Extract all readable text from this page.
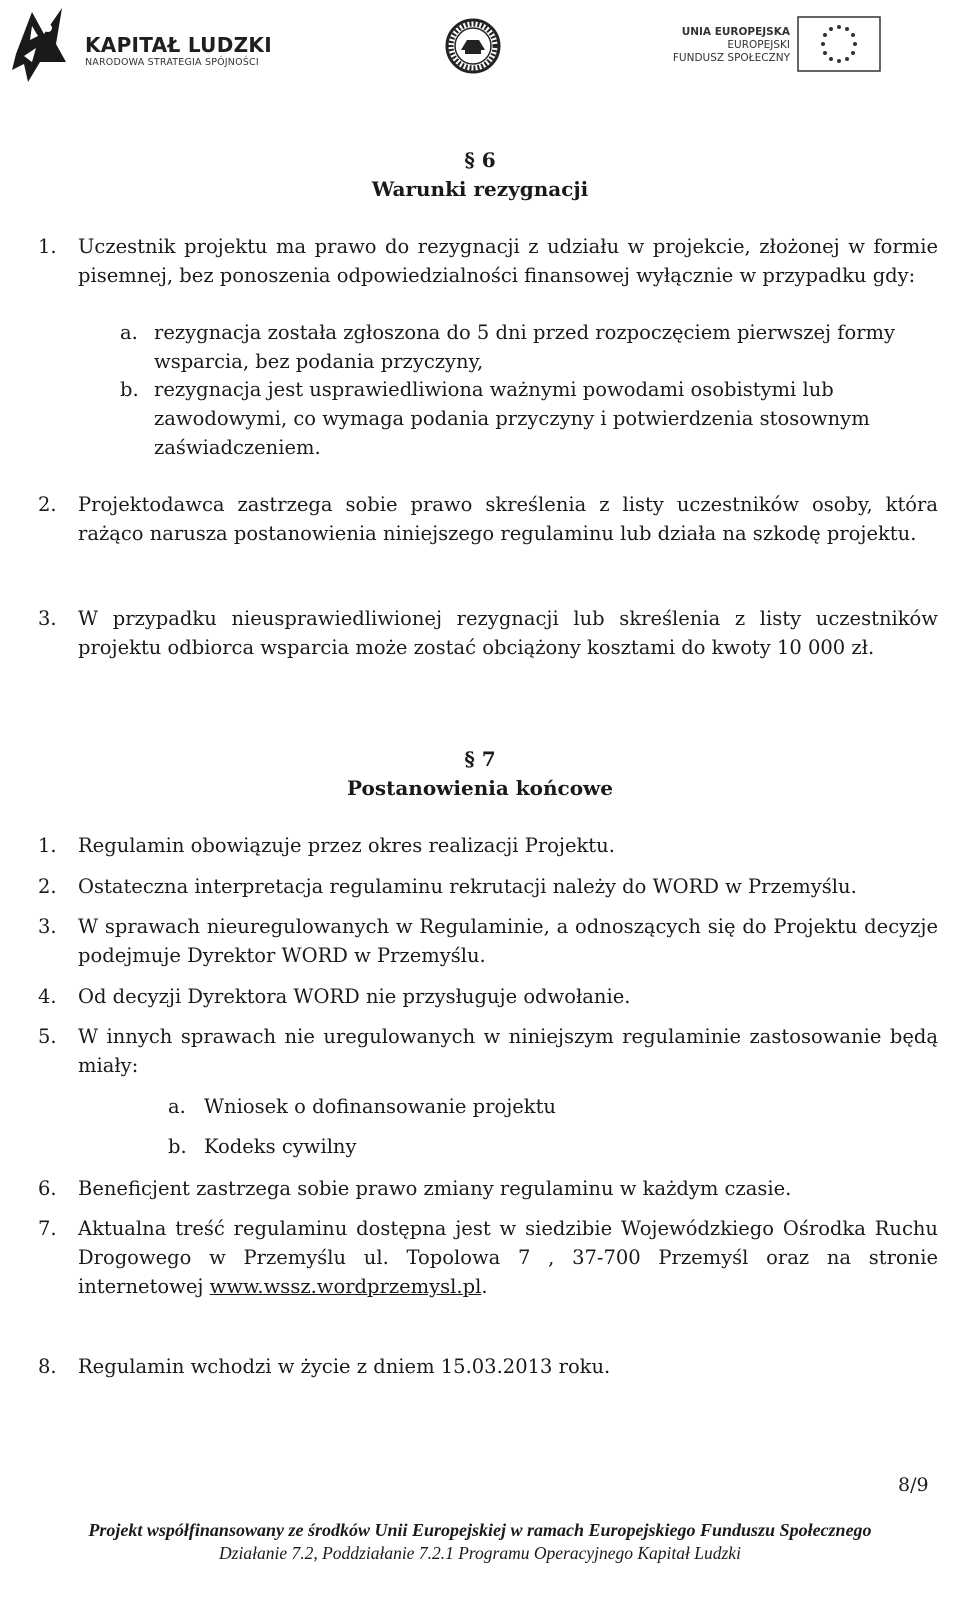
KAPITAŁ LUDZKI
NARODOWA STRATEGIA SPÓJNOŚCI
UNIA EUROPEJSKA
EUROPEJSKI
FUNDUSZ SPOŁECZNY
§ 6
Warunki rezygnacji
1. Uczestnik projektu ma prawo do rezygnacji z udziału w projekcie, złożonej w formie pisemnej, bez ponoszenia odpowiedzialności finansowej wyłącznie w przypadku gdy:
a. rezygnacja została zgłoszona do 5 dni przed rozpoczęciem pierwszej formy wsparcia, bez podania przyczyny,
b. rezygnacja jest usprawiedliwiona ważnymi powodami osobistymi lub zawodowymi, co wymaga podania przyczyny i potwierdzenia stosownym zaświadczeniem.
2. Projektodawca zastrzega sobie prawo skreślenia z listy uczestników osoby, która rażąco narusza postanowienia niniejszego regulaminu lub działa na szkodę projektu.
3. W przypadku nieusprawiedliwionej rezygnacji lub skreślenia z listy uczestników projektu odbiorca wsparcia może zostać obciążony kosztami do kwoty 10 000 zł.
§ 7
Postanowienia końcowe
1. Regulamin obowiązuje przez okres realizacji Projektu.
2. Ostateczna interpretacja regulaminu rekrutacji należy do WORD w Przemyślu.
3. W sprawach nieuregulowanych w Regulaminie, a odnoszących się do Projektu decyzje podejmuje Dyrektor WORD w Przemyślu.
4. Od decyzji Dyrektora WORD nie przysługuje odwołanie.
5. W innych sprawach nie uregulowanych w niniejszym regulaminie zastosowanie będą miały:
a. Wniosek o dofinansowanie projektu
b. Kodeks cywilny
6. Beneficjent zastrzega sobie prawo zmiany regulaminu w każdym czasie.
7. Aktualna treść regulaminu dostępna jest w siedzibie Wojewódzkiego Ośrodka Ruchu Drogowego w Przemyślu ul. Topolowa 7 , 37-700 Przemyśl oraz na stronie internetowej www.wssz.wordprzemysl.pl.
8. Regulamin wchodzi w życie z dniem 15.03.2013 roku.
8/9
Projekt współfinansowany ze środków Unii Europejskiej w ramach Europejskiego Funduszu Społecznego
Działanie 7.2, Poddziałanie 7.2.1 Programu Operacyjnego Kapitał Ludzki
